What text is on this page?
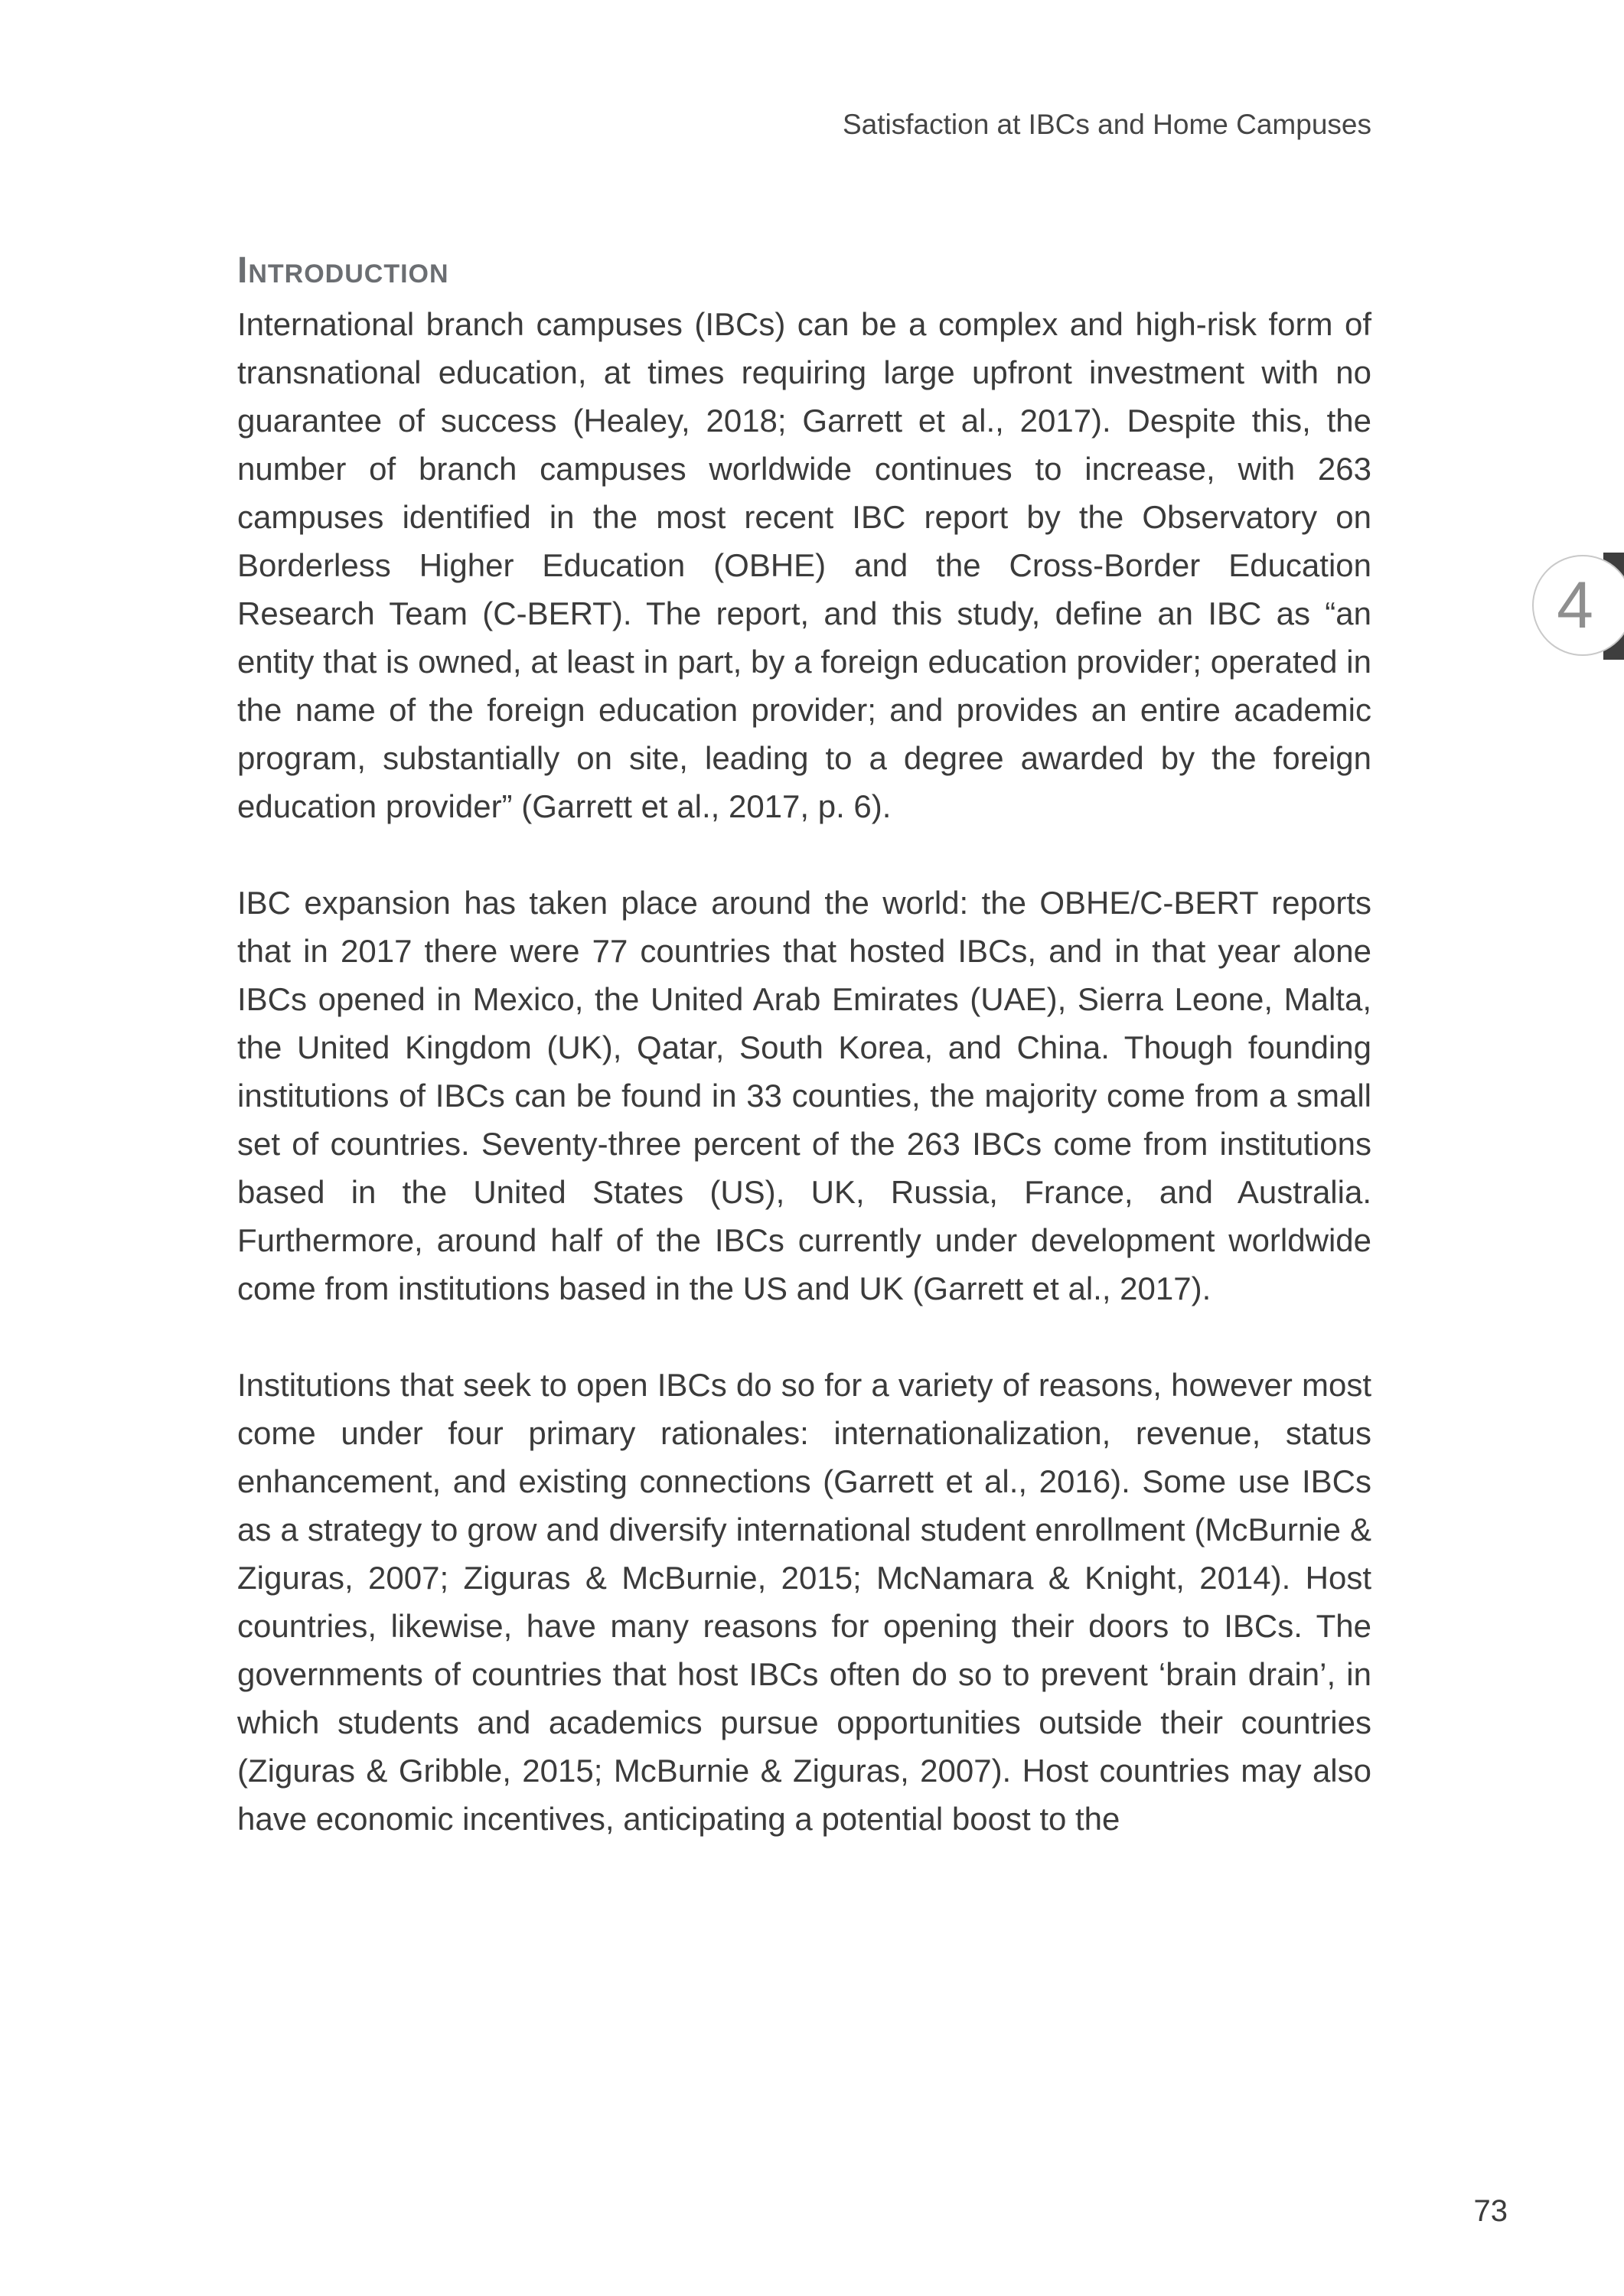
Satisfaction at IBCs and Home Campuses
Introduction

International branch campuses (IBCs) can be a complex and high-risk form of transnational education, at times requiring large upfront investment with no guarantee of success (Healey, 2018; Garrett et al., 2017). Despite this, the number of branch campuses worldwide continues to increase, with 263 campuses identified in the most recent IBC report by the Observatory on Borderless Higher Education (OBHE) and the Cross-Border Education Research Team (C-BERT). The report, and this study, define an IBC as “an entity that is owned, at least in part, by a foreign education provider; operated in the name of the foreign education provider; and provides an entire academic program, substantially on site, leading to a degree awarded by the foreign education provider” (Garrett et al., 2017, p. 6).

IBC expansion has taken place around the world: the OBHE/C-BERT reports that in 2017 there were 77 countries that hosted IBCs, and in that year alone IBCs opened in Mexico, the United Arab Emirates (UAE), Sierra Leone, Malta, the United Kingdom (UK), Qatar, South Korea, and China. Though founding institutions of IBCs can be found in 33 counties, the majority come from a small set of countries. Seventy-three percent of the 263 IBCs come from institutions based in the United States (US), UK, Russia, France, and Australia. Furthermore, around half of the IBCs currently under development worldwide come from institutions based in the US and UK (Garrett et al., 2017).

Institutions that seek to open IBCs do so for a variety of reasons, however most come under four primary rationales: internationalization, revenue, status enhancement, and existing connections (Garrett et al., 2016). Some use IBCs as a strategy to grow and diversify international student enrollment (McBurnie & Ziguras, 2007; Ziguras & McBurnie, 2015; McNamara & Knight, 2014). Host countries, likewise, have many reasons for opening their doors to IBCs. The governments of countries that host IBCs often do so to prevent ‘brain drain’, in which students and academics pursue opportunities outside their countries (Ziguras & Gribble, 2015; McBurnie & Ziguras, 2007). Host countries may also have economic incentives, anticipating a potential boost to the

4
73
